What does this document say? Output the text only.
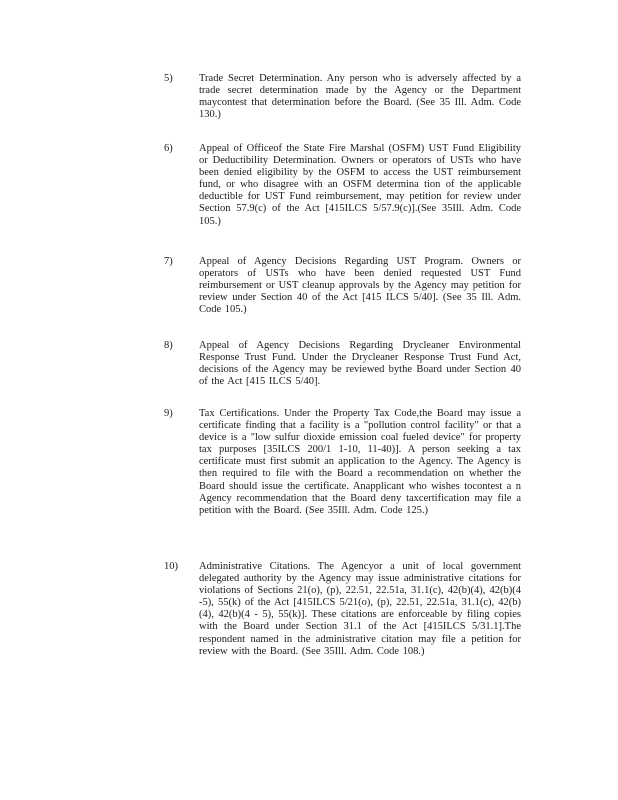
5)	Trade Secret Determination. Any person who is adversely affected by a trade secret determination made by the Agency or the Department maycontest that determination before the Board. (See 35 Ill. Adm. Code 130.)
6)	Appeal of Officeof the State Fire Marshal (OSFM) UST Fund Eligibility or Deductibility Determination. Owners or operators of USTs who have been denied eligibility by the OSFM to access the UST reimbursement fund, or who disagree with an OSFM determina tion of the applicable deductible for UST Fund reimbursement, may petition for review under Section 57.9(c) of the Act [415ILCS 5/57.9(c)].(See 35Ill. Adm. Code 105.)
7)	Appeal of Agency Decisions Regarding UST Program. Owners or operators of USTs who have been denied requested UST Fund reimbursement or UST cleanup approvals by the Agency may petition for review under Section 40 of the Act [415 ILCS 5/40]. (See 35 Ill. Adm. Code 105.)
8)	Appeal of Agency Decisions Regarding Drycleaner Environmental Response Trust Fund. Under the Drycleaner Response Trust Fund Act, decisions of the Agency may be reviewed bythe Board under Section 40 of the Act [415 ILCS 5/40].
9)	Tax Certifications. Under the Property Tax Code,the Board may issue a certificate finding that a facility is a "pollution control facility" or that a device is a "low sulfur dioxide emission coal fueled device" for property tax purposes [35ILCS 200/1 1-10, 11-40)]. A person seeking a tax certificate must first submit an application to the Agency. The Agency is then required to file with the Board a recommendation on whether the Board should issue the certificate. Anapplicant who wishes tocontest a n Agency recommendation that the Board deny taxcertification may file a petition with the Board. (See 35Ill. Adm. Code 125.)
10) Administrative Citations. The Agencyor a unit of local government delegated authority by the Agency may issue administrative citations for violations of Sections 21(o), (p), 22.51, 22.51a, 31.1(c), 42(b)(4), 42(b)(4 -5), 55(k) of the Act [415ILCS 5/21(o), (p), 22.51, 22.51a, 31.1(c), 42(b)(4), 42(b)(4 - 5), 55(k)]. These citations are enforceable by filing copies with the Board under Section 31.1 of the Act [415ILCS 5/31.1].The respondent named in the administrative citation may file a petition for review with the Board. (See 35Ill. Adm. Code 108.)
